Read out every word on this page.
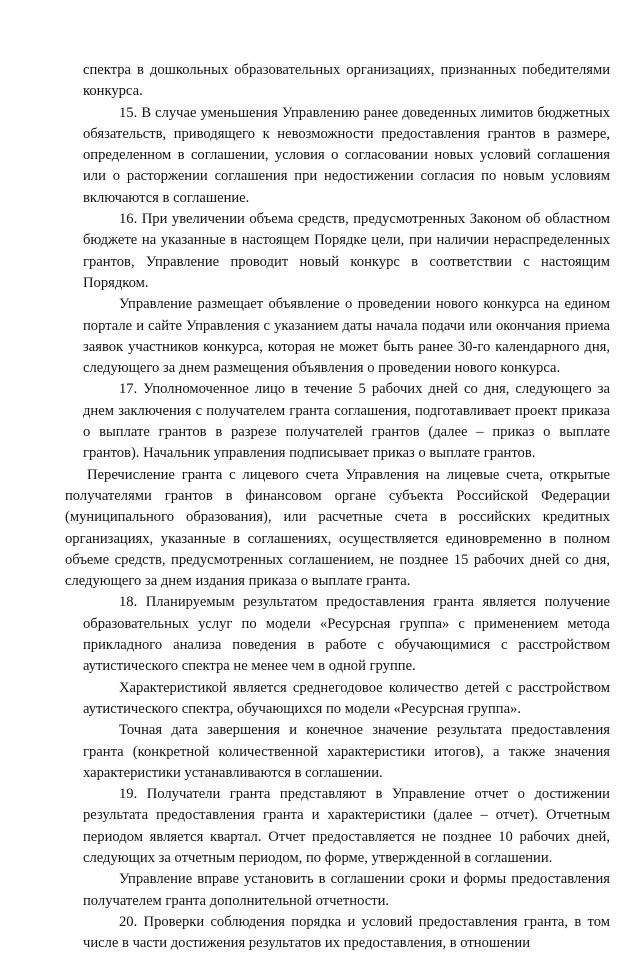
спектра в дошкольных образовательных организациях, признанных победителями конкурса.

15. В случае уменьшения Управлению ранее доведенных лимитов бюджетных обязательств, приводящего к невозможности предоставления грантов в размере, определенном в соглашении, условия о согласовании новых условий соглашения или о расторжении соглашения при недостижении согласия по новым условиям включаются в соглашение.

16. При увеличении объема средств, предусмотренных Законом об областном бюджете на указанные в настоящем Порядке цели, при наличии нераспределенных грантов, Управление проводит новый конкурс в соответствии с настоящим Порядком.

Управление размещает объявление о проведении нового конкурса на едином портале и сайте Управления с указанием даты начала подачи или окончания приема заявок участников конкурса, которая не может быть ранее 30-го календарного дня, следующего за днем размещения объявления о проведении нового конкурса.

17. Уполномоченное лицо в течение 5 рабочих дней со дня, следующего за днем заключения с получателем гранта соглашения, подготавливает проект приказа о выплате грантов в разрезе получателей грантов (далее – приказ о выплате грантов). Начальник управления подписывает приказ о выплате грантов.

Перечисление гранта с лицевого счета Управления на лицевые счета, открытые получателями грантов в финансовом органе субъекта Российской Федерации (муниципального образования), или расчетные счета в российских кредитных организациях, указанные в соглашениях, осуществляется единовременно в полном объеме средств, предусмотренных соглашением, не позднее 15 рабочих дней со дня, следующего за днем издания приказа о выплате гранта.

18. Планируемым результатом предоставления гранта является получение образовательных услуг по модели «Ресурсная группа» с применением метода прикладного анализа поведения в работе с обучающимися с расстройством аутистического спектра не менее чем в одной группе.

Характеристикой является среднегодовое количество детей с расстройством аутистического спектра, обучающихся по модели «Ресурсная группа».

Точная дата завершения и конечное значение результата предоставления гранта (конкретной количественной характеристики итогов), а также значения характеристики устанавливаются в соглашении.

19. Получатели гранта представляют в Управление отчет о достижении результата предоставления гранта и характеристики (далее – отчет). Отчетным периодом является квартал. Отчет предоставляется не позднее 10 рабочих дней, следующих за отчетным периодом, по форме, утвержденной в соглашении.

Управление вправе установить в соглашении сроки и формы предоставления получателем гранта дополнительной отчетности.

20. Проверки соблюдения порядка и условий предоставления гранта, в том числе в части достижения результатов их предоставления, в отношении
